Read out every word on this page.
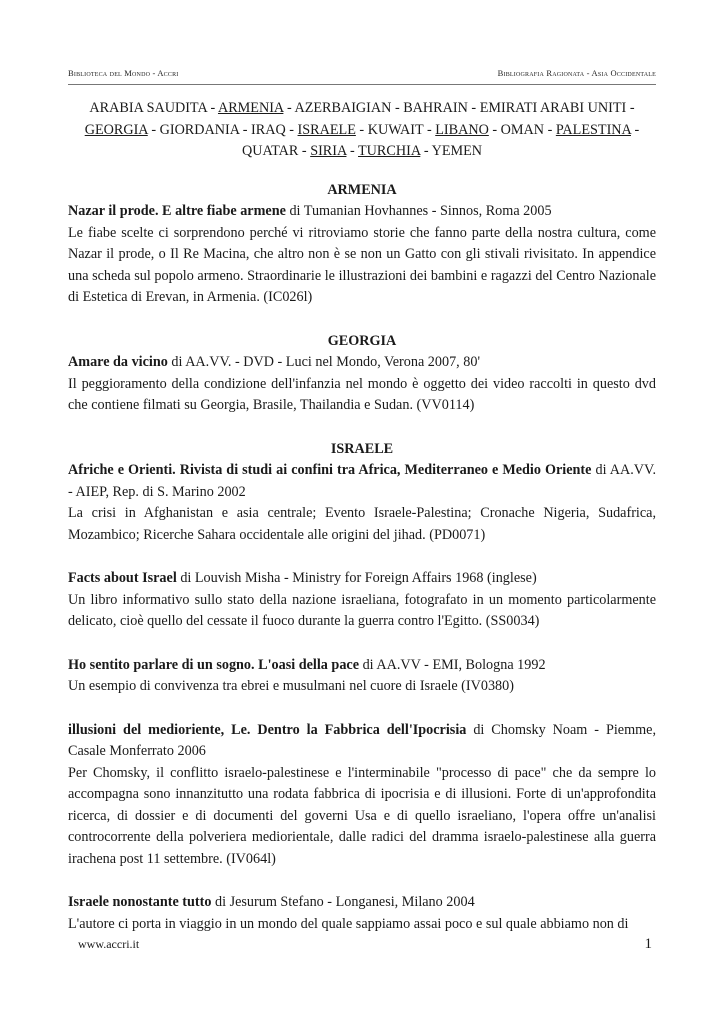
Biblioteca del Mondo - Accri	Bibliografia Ragionata - Asia Occidentale
ARABIA SAUDITA - ARMENIA - AZERBAIGIAN - BAHRAIN - EMIRATI ARABI UNITI - GEORGIA - GIORDANIA - IRAQ - ISRAELE - KUWAIT - LIBANO - OMAN - PALESTINA - QUATAR - SIRIA - TURCHIA - YEMEN

ARMENIA

Nazar il prode. E altre fiabe armene di Tumanian Hovhannes - Sinnos, Roma 2005

Le fiabe scelte ci sorprendono perché vi ritroviamo storie che fanno parte della nostra cultura, come Nazar il prode, o Il Re Macina, che altro non è se non un Gatto con gli stivali rivisitato. In appendice una scheda sul popolo armeno. Straordinarie le illustrazioni dei bambini e ragazzi del Centro Nazionale di Estetica di Erevan, in Armenia. (IC026l)

GEORGIA

Amare da vicino di AA.VV. - DVD - Luci nel Mondo, Verona 2007, 80'

Il peggioramento della condizione dell'infanzia nel mondo è oggetto dei video raccolti in questo dvd che contiene filmati su Georgia, Brasile, Thailandia e Sudan. (VV0114)

ISRAELE

Afriche e Orienti. Rivista di studi ai confini tra Africa, Mediterraneo e Medio Oriente di AA.VV. - AIEP, Rep. di S. Marino 2002

La crisi in Afghanistan e asia centrale; Evento Israele-Palestina; Cronache Nigeria, Sudafrica, Mozambico; Ricerche Sahara occidentale alle origini del jihad. (PD0071)

Facts about Israel di Louvish Misha - Ministry for Foreign Affairs 1968 (inglese)

Un libro informativo sullo stato della nazione israeliana, fotografato in un momento particolarmente delicato, cioè quello del cessate il fuoco durante la guerra contro l'Egitto. (SS0034)

Ho sentito parlare di un sogno. L'oasi della pace di AA.VV - EMI, Bologna 1992

Un esempio di convivenza tra ebrei e musulmani nel cuore di Israele (IV0380)

illusioni del medioriente, Le. Dentro la Fabbrica dell'Ipocrisia di Chomsky Noam - Piemme, Casale Monferrato 2006

Per Chomsky, il conflitto israelo-palestinese e l'interminabile "processo di pace" che da sempre lo accompagna sono innanzitutto una rodata fabbrica di ipocrisia e di illusioni. Forte di un'approfondita ricerca, di dossier e di documenti del governi Usa e di quello israeliano, l'opera offre un'analisi controcorrente della polveriera mediorientale, dalle radici del dramma israelo-palestinese alla guerra irachena post 11 settembre. (IV064l)

Israele nonostante tutto di Jesurum Stefano - Longanesi, Milano 2004

L'autore ci porta in viaggio in un mondo del quale sappiamo assai poco e sul quale abbiamo non di

www.accri.it	1
